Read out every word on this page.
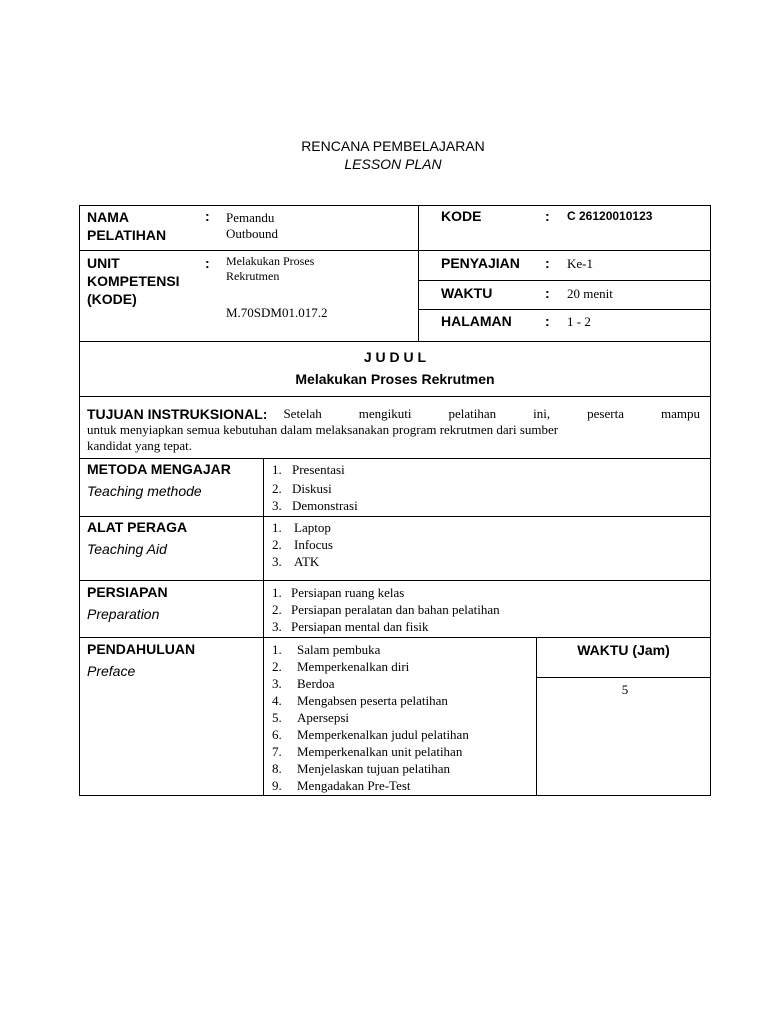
RENCANA PEMBELAJARAN
LESSON PLAN
NAMA
PELATIHAN
: Pemandu
Outbound
UNIT
KOMPETENSI
(KODE)
: Melakukan Proses
Rekrutmen
M.70SDM01.017.2
KODE	: C 26120010123
PENYAJIAN : Ke-1
WAKTU	: 20 menit
HALAMAN : 1 - 2
J U D U L
Melakukan Proses Rekrutmen
TUJUAN INSTRUKSIONAL: Setelah mengikuti pelatihan ini, peserta mampu
untuk menyiapkan semua kebutuhan dalam melaksanakan program rekrutmen dari sumber
kandidat yang tepat.
METODA MENGAJAR
Teaching methode
1. Presentasi
2. Diskusi
3. Demonstrasi
ALAT PERAGA
Teaching Aid
1. Laptop
2. Infocus
3. ATK
PERSIAPAN
Preparation
1. Persiapan ruang kelas
2. Persiapan peralatan dan bahan pelatihan
3. Persiapan mental dan fisik
PENDAHULUAN
Preface
1. Salam pembuka
2. Memperkenalkan diri
3. Berdoa
4. Mengabsen peserta pelatihan
5. Apersepsi
6. Memperkenalkan judul pelatihan
7. Memperkenalkan unit pelatihan
8. Menjelaskan tujuan pelatihan
9. Mengadakan Pre-Test
WAKTU (Jam)
5
